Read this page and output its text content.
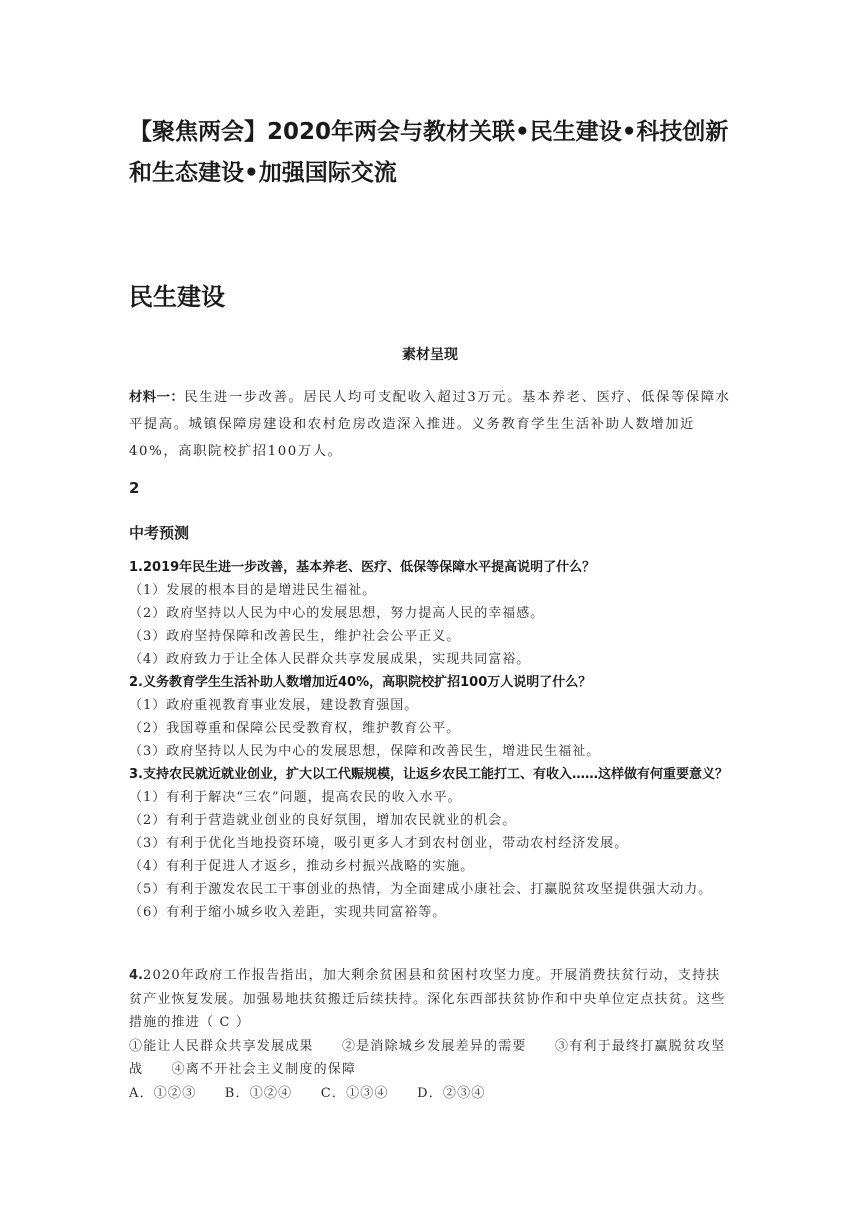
【聚焦两会】2020年两会与教材关联•民生建设•科技创新和生态建设•加强国际交流
民生建设
素材呈现
材料一：民生进一步改善。居民人均可支配收入超过3万元。基本养老、医疗、低保等保障水平提高。城镇保障房建设和农村危房改造深入推进。义务教育学生生活补助人数增加近40%，高职院校扩招100万人。
2
中考预测
1.2019年民生进一步改善，基本养老、医疗、低保等保障水平提高说明了什么？
（1）发展的根本目的是增进民生福祉。
（2）政府坚持以人民为中心的发展思想，努力提高人民的幸福感。
（3）政府坚持保障和改善民生，维护社会公平正义。
（4）政府致力于让全体人民群众共享发展成果，实现共同富裕。
2.义务教育学生生活补助人数增加近40%，高职院校扩招100万人说明了什么？
（1）政府重视教育事业发展，建设教育强国。
（2）我国尊重和保障公民受教育权，维护教育公平。
（3）政府坚持以人民为中心的发展思想，保障和改善民生，增进民生福祉。
3.支持农民就近就业创业，扩大以工代赈规模，让返乡农民工能打工、有收入……这样做有何重要意义？
（1）有利于解决“三农”问题，提高农民的收入水平。
（2）有利于营造就业创业的良好氛围，增加农民就业的机会。
（3）有利于优化当地投资环境，吸引更多人才到农村创业，带动农村经济发展。
（4）有利于促进人才返乡，推动乡村振兴战略的实施。
（5）有利于激发农民工干事创业的热情，为全面建成小康社会、打赢脱贫攻坚提供强大动力。
（6）有利于缩小城乡收入差距，实现共同富裕等。
4.2020年政府工作报告指出，加大剩余贫困县和贫困村攻坚力度。开展消费扶贫行动，支持扶贫产业恢复发展。加强易地扶贫搬迁后续扶持。深化东西部扶贫协作和中央单位定点扶贫。这些措施的推进（ C ）
①能让人民群众共享发展成果　　②是消除城乡发展差异的需要　　③有利于最终打赢脱贫攻坚战　　④离不开社会主义制度的保障
A．①②③　　B．①②④　　C．①③④　　D．②③④
